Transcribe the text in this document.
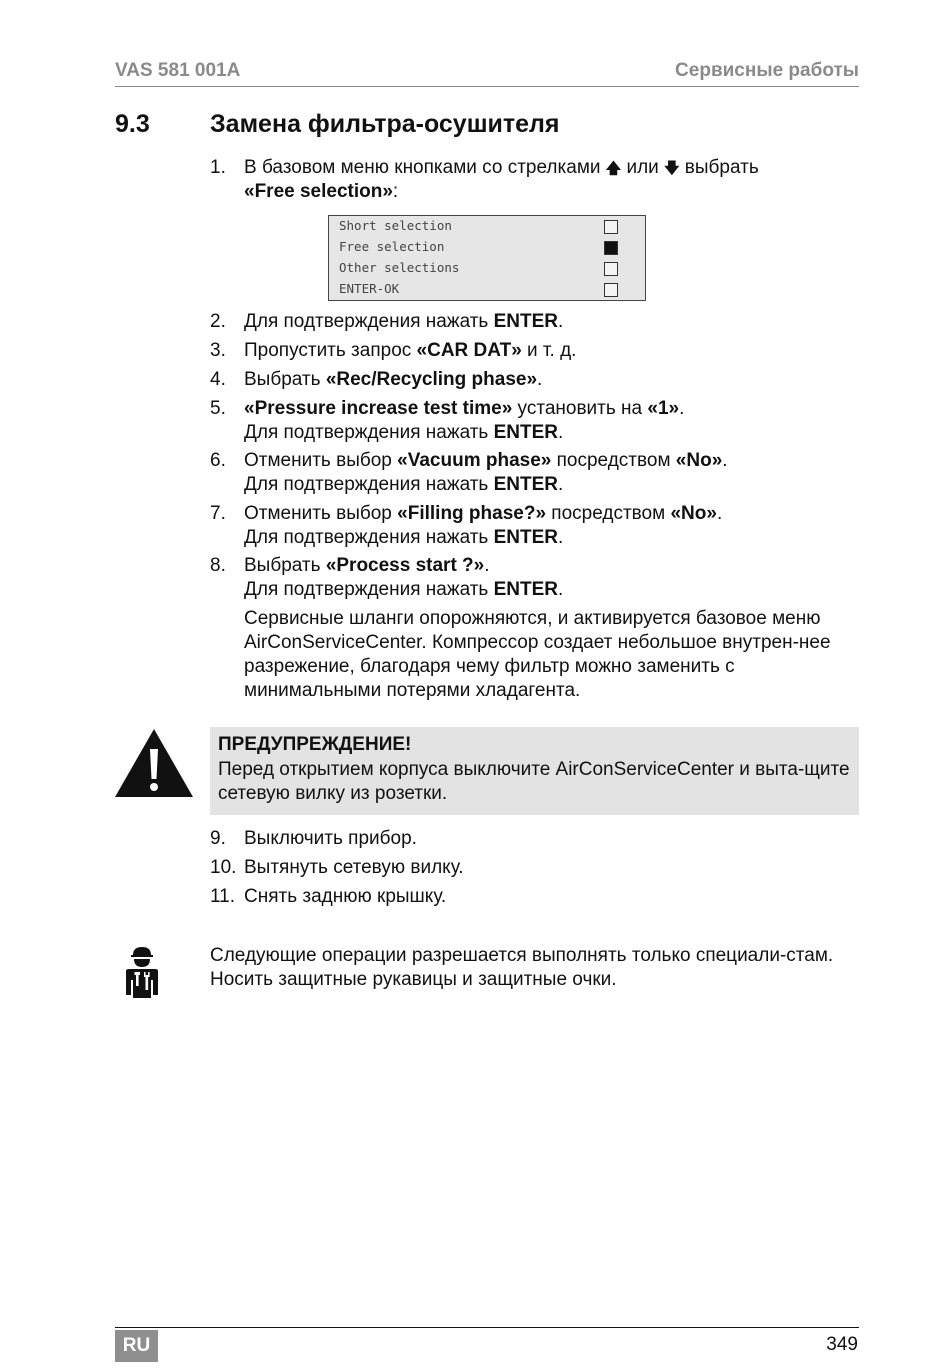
VAS 581 001A	Сервисные работы
9.3 Замена фильтра-осушителя
1. В базовом меню кнопками со стрелками 🡅 или 🡇 выбрать
«Free selection»:
Short selection
Free selection
Other selections
ENTER-OK
2. Для подтверждения нажать ENTER.
3. Пропустить запрос «CAR DAT» и т. д.
4. Выбрать «Rec/Recycling phase».
5. «Pressure increase test time» установить на «1».
Для подтверждения нажать ENTER.
6. Отменить выбор «Vacuum phase» посредством «No».
Для подтверждения нажать ENTER.
7. Отменить выбор «Filling phase?» посредством «No».
Для подтверждения нажать ENTER.
8. Выбрать «Process start ?».
Для подтверждения нажать ENTER.
Сервисные шланги опорожняются, и активируется базовое меню AirConServiceCenter. Компрессор создает небольшое внутрен-нее разрежение, благодаря чему фильтр можно заменить с минимальными потерями хладагента.
ПРЕДУПРЕЖДЕНИЕ!
Перед открытием корпуса выключите AirConServiceCenter и выта-щите сетевую вилку из розетки.
9. Выключить прибор.
10. Вытянуть сетевую вилку.
11. Снять заднюю крышку.
Следующие операции разрешается выполнять только специали-стам.
Носить защитные рукавицы и защитные очки.
RU	349
